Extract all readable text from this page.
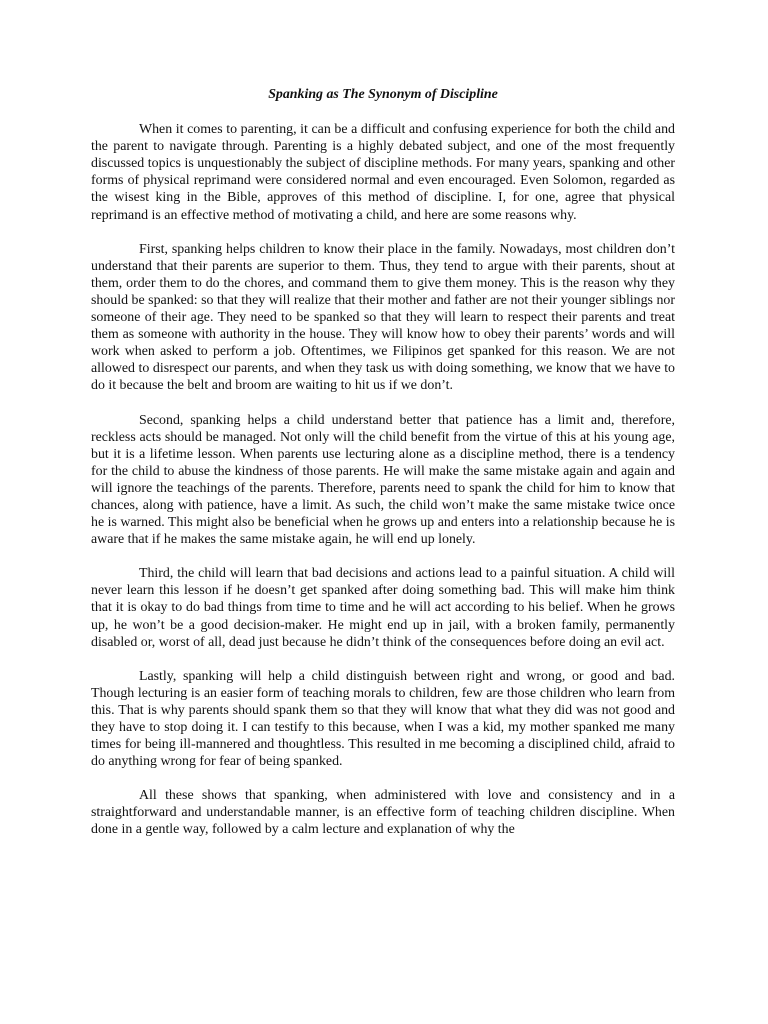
Spanking as The Synonym of Discipline

When it comes to parenting, it can be a difficult and confusing experience for both the child and the parent to navigate through. Parenting is a highly debated subject, and one of the most frequently discussed topics is unquestionably the subject of discipline methods. For many years, spanking and other forms of physical reprimand were considered normal and even encouraged. Even Solomon, regarded as the wisest king in the Bible, approves of this method of discipline. I, for one, agree that physical reprimand is an effective method of motivating a child, and here are some reasons why.

First, spanking helps children to know their place in the family. Nowadays, most children don’t understand that their parents are superior to them. Thus, they tend to argue with their parents, shout at them, order them to do the chores, and command them to give them money. This is the reason why they should be spanked: so that they will realize that their mother and father are not their younger siblings nor someone of their age. They need to be spanked so that they will learn to respect their parents and treat them as someone with authority in the house. They will know how to obey their parents’ words and will work when asked to perform a job. Oftentimes, we Filipinos get spanked for this reason. We are not allowed to disrespect our parents, and when they task us with doing something, we know that we have to do it because the belt and broom are waiting to hit us if we don’t.

Second, spanking helps a child understand better that patience has a limit and, therefore, reckless acts should be managed. Not only will the child benefit from the virtue of this at his young age, but it is a lifetime lesson. When parents use lecturing alone as a discipline method, there is a tendency for the child to abuse the kindness of those parents. He will make the same mistake again and again and will ignore the teachings of the parents. Therefore, parents need to spank the child for him to know that chances, along with patience, have a limit. As such, the child won’t make the same mistake twice once he is warned. This might also be beneficial when he grows up and enters into a relationship because he is aware that if he makes the same mistake again, he will end up lonely.

Third, the child will learn that bad decisions and actions lead to a painful situation. A child will never learn this lesson if he doesn’t get spanked after doing something bad. This will make him think that it is okay to do bad things from time to time and he will act according to his belief. When he grows up, he won’t be a good decision-maker. He might end up in jail, with a broken family, permanently disabled or, worst of all, dead just because he didn’t think of the consequences before doing an evil act.

Lastly, spanking will help a child distinguish between right and wrong, or good and bad. Though lecturing is an easier form of teaching morals to children, few are those children who learn from this. That is why parents should spank them so that they will know that what they did was not good and they have to stop doing it. I can testify to this because, when I was a kid, my mother spanked me many times for being ill-mannered and thoughtless. This resulted in me becoming a disciplined child, afraid to do anything wrong for fear of being spanked.

All these shows that spanking, when administered with love and consistency and in a straightforward and understandable manner, is an effective form of teaching children discipline. When done in a gentle way, followed by a calm lecture and explanation of why the
